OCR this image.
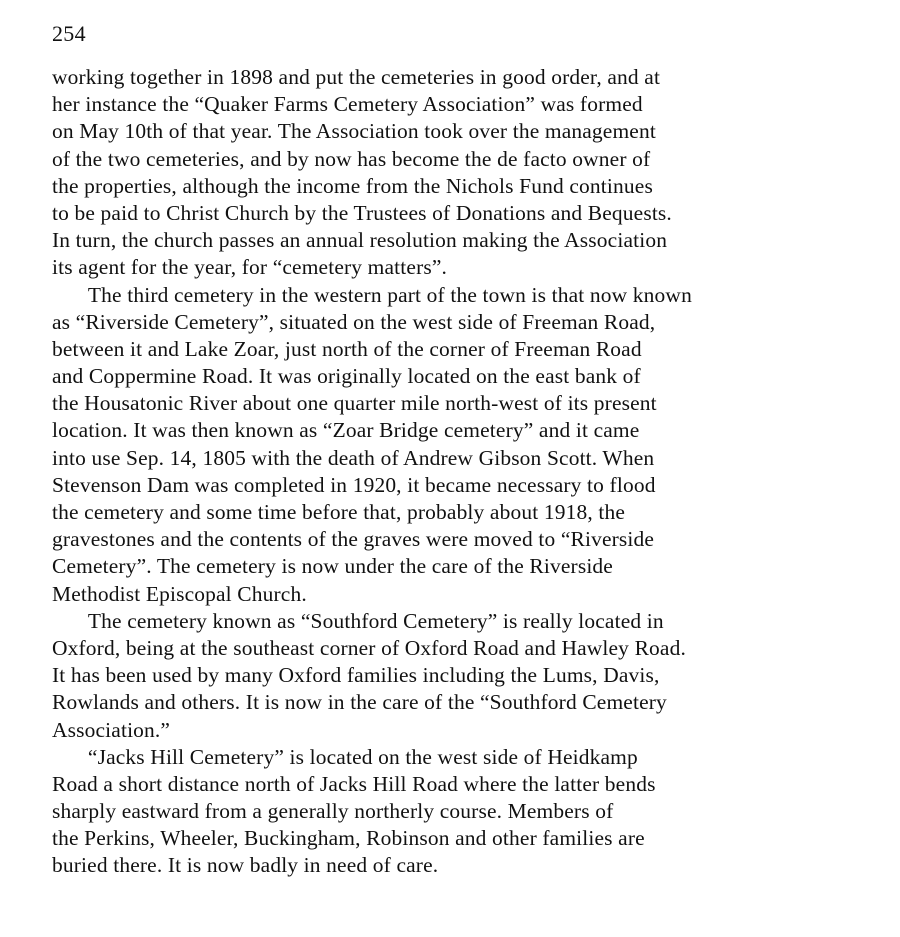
254
working together in 1898 and put the cemeteries in good order, and at
her instance the “Quaker Farms Cemetery Association” was formed
on May 10th of that year. The Association took over the management
of the two cemeteries, and by now has become the de facto owner of
the properties, although the income from the Nichols Fund continues
to be paid to Christ Church by the Trustees of Donations and Bequests.
In turn, the church passes an annual resolution making the Association
its agent for the year, for “cemetery matters”.
The third cemetery in the western part of the town is that now known
as “Riverside Cemetery”, situated on the west side of Freeman Road,
between it and Lake Zoar, just north of the corner of Freeman Road
and Coppermine Road. It was originally located on the east bank of
the Housatonic River about one quarter mile north-west of its present
location. It was then known as “Zoar Bridge cemetery” and it came
into use Sep. 14, 1805 with the death of Andrew Gibson Scott. When
Stevenson Dam was completed in 1920, it became necessary to flood
the cemetery and some time before that, probably about 1918, the
gravestones and the contents of the graves were moved to “Riverside
Cemetery”. The cemetery is now under the care of the Riverside
Methodist Episcopal Church.
The cemetery known as “Southford Cemetery” is really located in
Oxford, being at the southeast corner of Oxford Road and Hawley Road.
It has been used by many Oxford families including the Lums, Davis,
Rowlands and others. It is now in the care of the “Southford Cemetery
Association.”
“Jacks Hill Cemetery” is located on the west side of Heidkamp
Road a short distance north of Jacks Hill Road where the latter bends
sharply eastward from a generally northerly course. Members of
the Perkins, Wheeler, Buckingham, Robinson and other families are
buried there. It is now badly in need of care.
